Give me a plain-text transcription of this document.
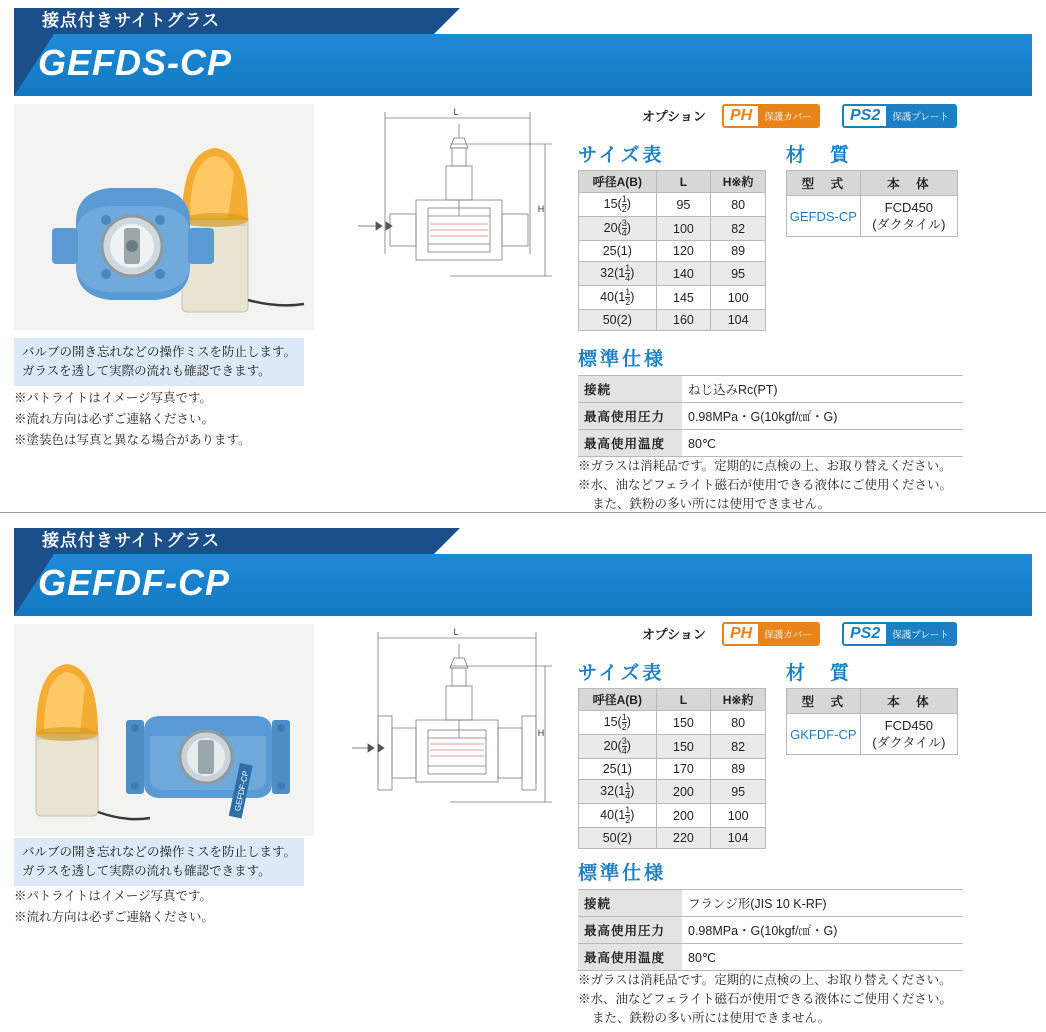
接点付きサイトグラス
GEFDS-CP
バルブの開き忘れなどの操作ミスを防止します。
ガラスを透して実際の流れも確認できます。
※パトライトはイメージ写真です。
※流れ方向は必ずご連絡ください。
※塗装色は写真と異なる場合があります。
L
H
オプション	PH	保護カバー	PS2	保護プレート
サイズ表	材　質
呼径A(B)	L	H※約
15( 1
2)	95	80
20( 3
4)	100	82
25(1)	120	89
32(1 1
4)	140	95
40(1 1
2)	145	100
50(2)	160	104
型　式	本　体
GEFDS-CP	FCD450
(ダクタイル)
標準仕様
接続	ねじ込みRc(PT)
最高使用圧力	0.98MPa・G(10kgf/㎠・G)
最高使用温度	80℃
※ガラスは消耗品です。定期的に点検の上、お取り替えください。
※水、油などフェライト磁石が使用できる液体にご使用ください。
また、鉄粉の多い所には使用できません。
接点付きサイトグラス
GEFDF-CP
GEFDF-CP
バルブの開き忘れなどの操作ミスを防止します。
ガラスを透して実際の流れも確認できます。
※パトライトはイメージ写真です。
※流れ方向は必ずご連絡ください。
L
H
オプション	PH	保護カバー	PS2	保護プレート
サイズ表	材　質
呼径A(B)	L	H※約
15( 1
2)	150	80
20( 3
4)	150	82
25(1)	170	89
32(1 1
4)	200	95
40(1 1
2)	200	100
50(2)	220	104
型　式	本　体
GKFDF-CP	FCD450
(ダクタイル)
標準仕様
接続	フランジ形(JIS 10 K-RF)
最高使用圧力	0.98MPa・G(10kgf/㎠・G)
最高使用温度	80℃
※ガラスは消耗品です。定期的に点検の上、お取り替えください。
※水、油などフェライト磁石が使用できる液体にご使用ください。
また、鉄粉の多い所には使用できません。
